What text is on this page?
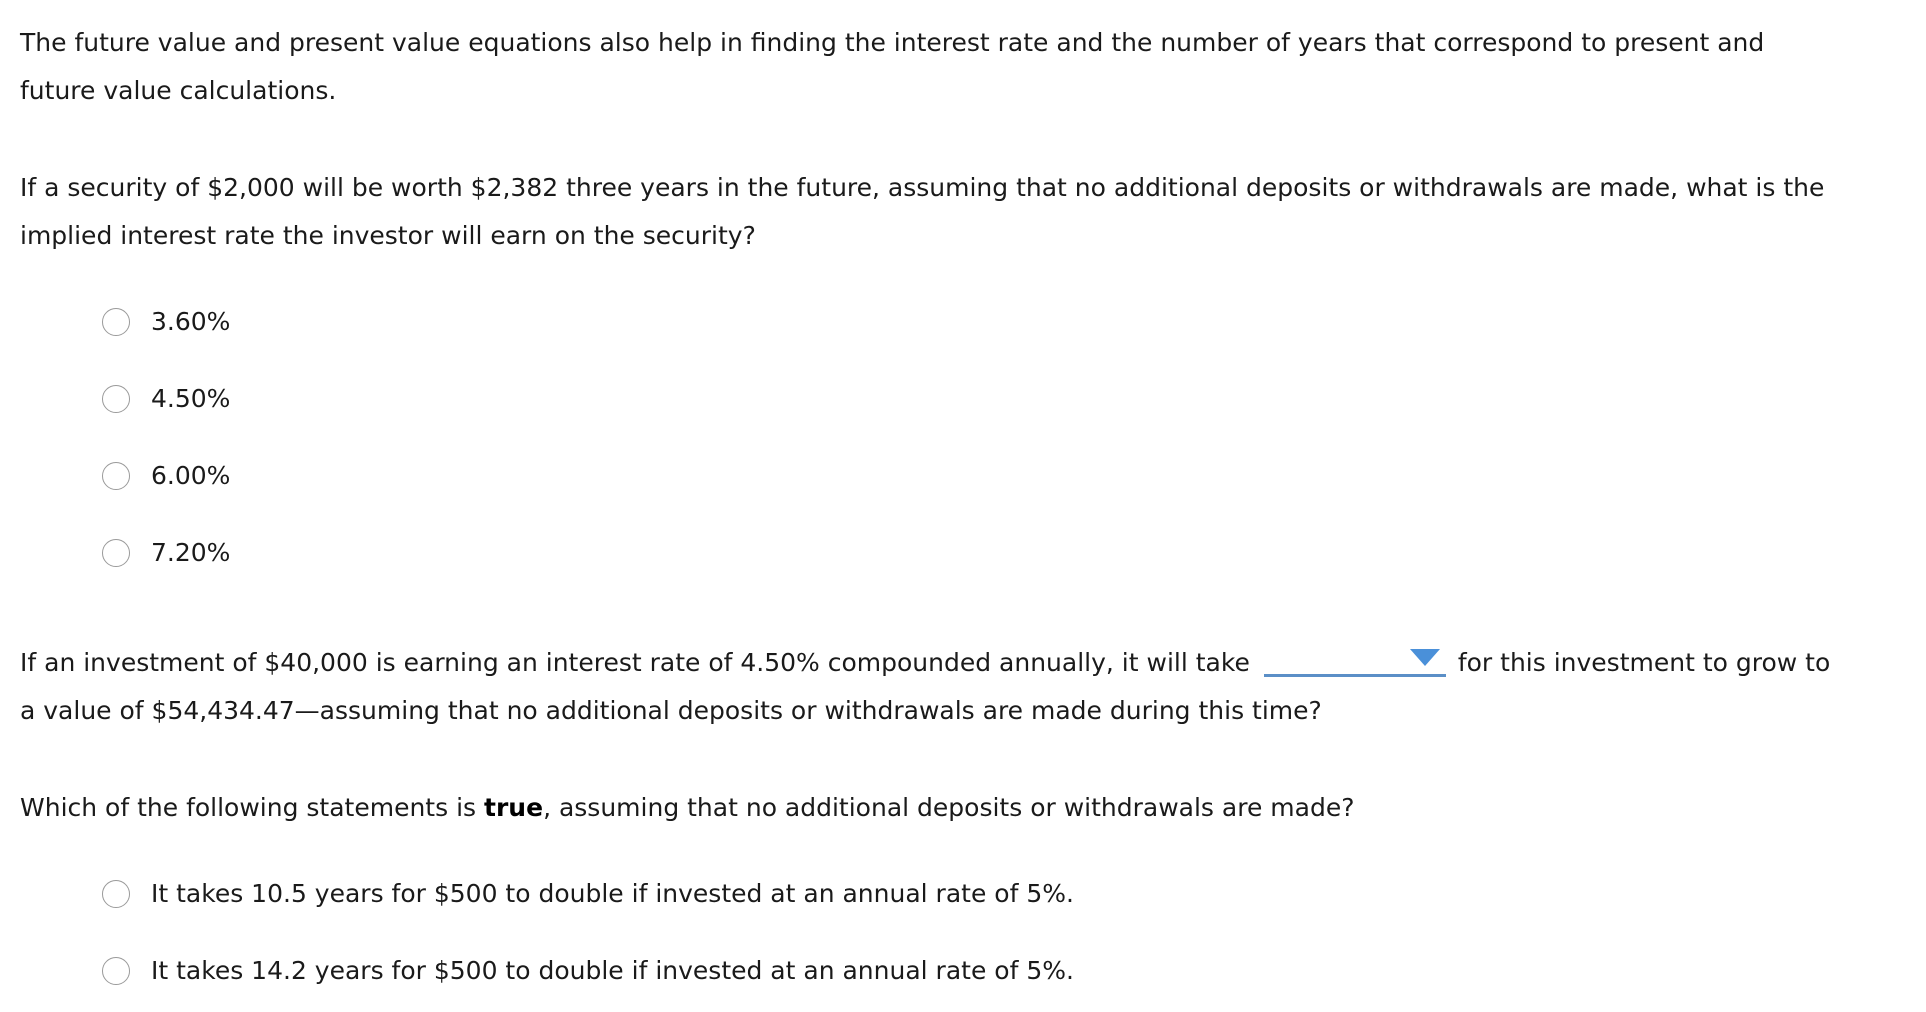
The future value and present value equations also help in finding the interest rate and the number of years that correspond to present and future value calculations.

If a security of $2,000 will be worth $2,382 three years in the future, assuming that no additional deposits or withdrawals are made, what is the implied interest rate the investor will earn on the security?

3.60%
4.50%
6.00%
7.20%

If an investment of $40,000 is earning an interest rate of 4.50% compounded annually, it will take	for this investment to grow to a value of $54,434.47—assuming that no additional deposits or withdrawals are made during this time?

Which of the following statements is true, assuming that no additional deposits or withdrawals are made?

It takes 10.5 years for $500 to double if invested at an annual rate of 5%.
It takes 14.2 years for $500 to double if invested at an annual rate of 5%.
